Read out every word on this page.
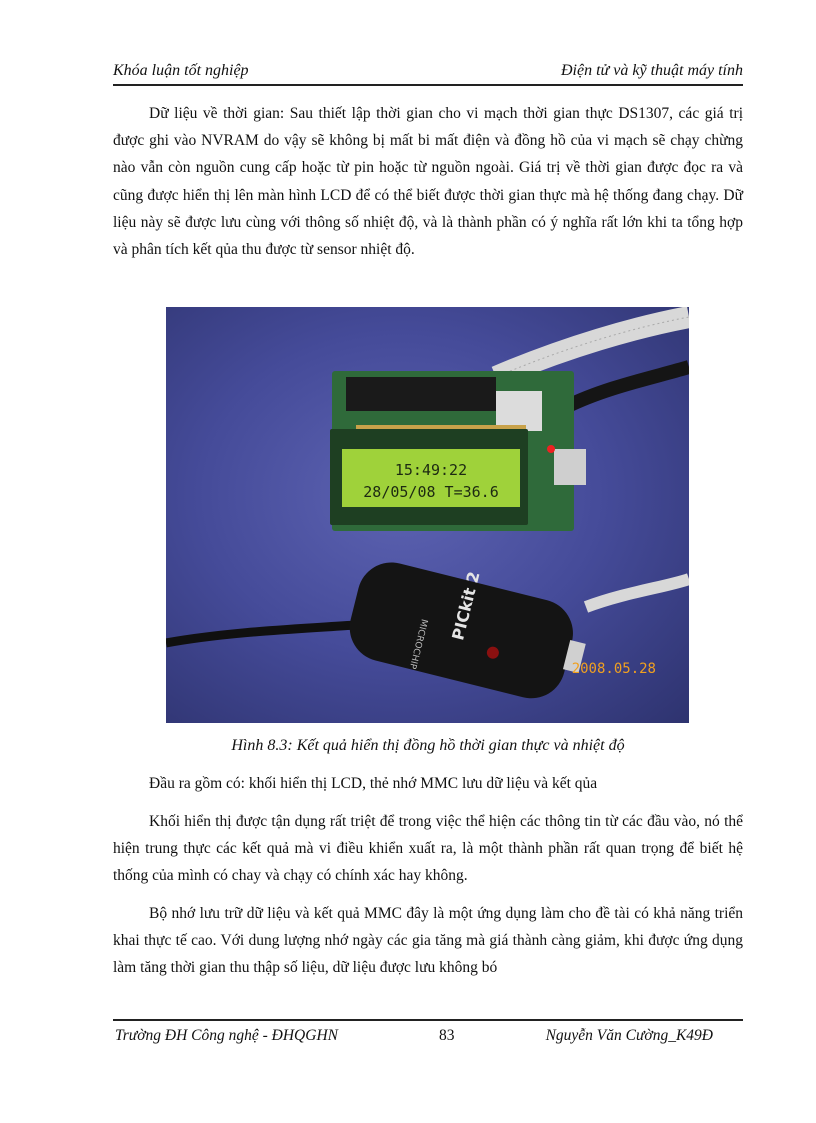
Khóa luận tốt nghiệp	Điện tử và kỹ thuật máy tính

Dữ liệu về thời gian: Sau thiết lập thời gian cho vi mạch thời gian thực DS1307, các giá trị được ghi vào NVRAM do vậy sẽ không bị mất bi mất điện và đồng hồ của vi mạch sẽ chạy chừng nào vẫn còn nguồn cung cấp hoặc từ pin hoặc từ nguồn ngoài. Giá trị về thời gian được đọc ra và cũng được hiển thị lên màn hình LCD để có thể biết được thời gian thực mà hệ thống đang chạy. Dữ liệu này sẽ được lưu cùng với thông số nhiệt độ, và là thành phần có ý nghĩa rất lớn khi ta tổng hợp và phân tích kết qủa thu được từ sensor nhiệt độ.

15:49:22
28/05/08 T=36.6
MICROCHIP
PICkit 2
2008.05.28
Hình 8.3: Kết quả hiển thị đồng hồ thời gian thực và nhiệt độ

Đầu ra gồm có: khối hiển thị LCD, thẻ nhớ MMC lưu dữ liệu và kết qủa

Khối hiển thị được tận dụng rất triệt để trong việc thể hiện các thông tin từ các đầu vào, nó thể hiện trung thực các kết quả mà vi điều khiển xuất ra, là một thành phần rất quan trọng để biết hệ thống của mình có chay và chạy có chính xác hay không.

Bộ nhớ lưu trữ dữ liệu và kết quả MMC đây là một ứng dụng làm cho đề tài có khả năng triển khai thực tế cao. Với dung lượng nhớ ngày các gia tăng mà giá thành càng giảm, khi được ứng dụng làm tăng thời gian thu thập số liệu, dữ liệu được lưu không bó

Trường ĐH Công nghệ - ĐHQGHN	83	Nguyễn Văn Cường_K49Đ
